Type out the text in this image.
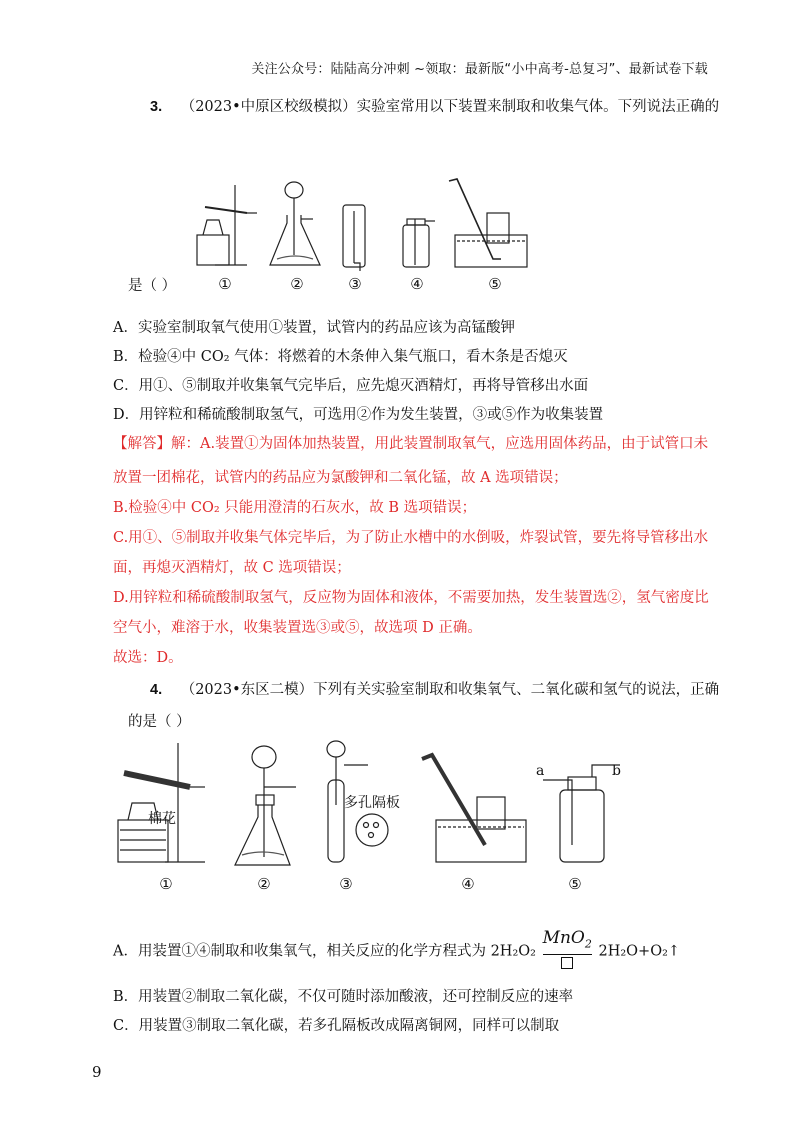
关注公众号：陆陆高分冲刺 ~领取：最新版“小中高考-总复习”、最新试卷下载
3. （2023•中原区校级模拟）实验室常用以下装置来制取和收集气体。下列说法正确的
是（ ）	①	②	③	④	⑤
A．实验室制取氧气使用①装置，试管内的药品应该为高锰酸钾
B．检验④中 CO₂ 气体：将燃着的木条伸入集气瓶口，看木条是否熄灭
C．用①、⑤制取并收集氧气完毕后，应先熄灭酒精灯，再将导管移出水面
D．用锌粒和稀硫酸制取氢气，可选用②作为发生装置，③或⑤作为收集装置
【解答】解：A.装置①为固体加热装置，用此装置制取氧气，应选用固体药品，由于试管口未
放置一团棉花，试管内的药品应为氯酸钾和二氧化锰，故 A 选项错误；
B.检验④中 CO₂ 只能用澄清的石灰水，故 B 选项错误；
C.用①、⑤制取并收集气体完毕后，为了防止水槽中的水倒吸，炸裂试管，要先将导管移出水
面，再熄灭酒精灯，故 C 选项错误；
D.用锌粒和稀硫酸制取氢气，反应物为固体和液体，不需要加热，发生装置选②，氢气密度比
空气小，难溶于水，收集装置选③或⑤，故选项 D 正确。
故选：D。
4. （2023•东区二模）下列有关实验室制取和收集氧气、二氧化碳和氢气的说法，正确
的是（ ）
棉花
多孔隔板
a	b
①	②	③	④	⑤
A．用装置①④制取和收集氧气，相关反应的化学方程式为 2H₂O₂ MnO$_2$ 2H₂O+O₂↑
B．用装置②制取二氧化碳，不仅可随时添加酸液，还可控制反应的速率
C．用装置③制取二氧化碳，若多孔隔板改成隔离铜网，同样可以制取
9
